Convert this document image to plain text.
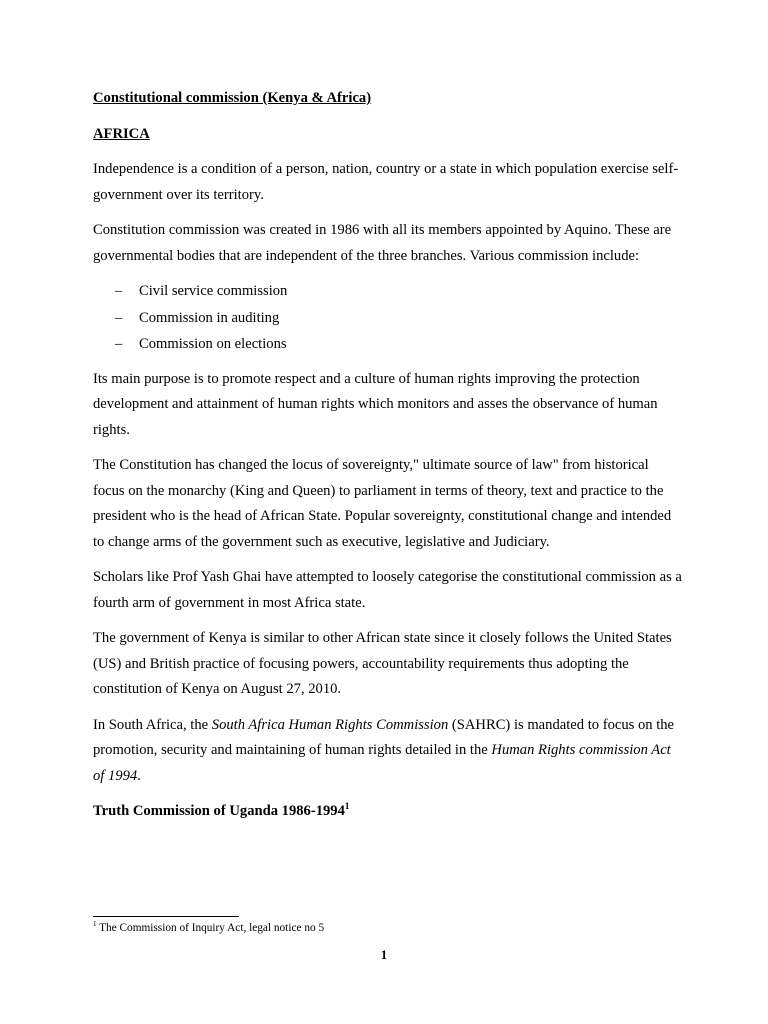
Constitutional commission (Kenya & Africa)

AFRICA

Independence is a condition of a person, nation, country or a state in which population exercise self-government over its territory.

Constitution commission was created in 1986 with all its members appointed by Aquino. These are governmental bodies that are independent of the three branches. Various commission include:

– Civil service commission
– Commission in auditing
– Commission on elections

Its main purpose is to promote respect and a culture of human rights improving the protection development and attainment of human rights which monitors and asses the observance of human rights.

The Constitution has changed the locus of sovereignty," ultimate source of law" from historical focus on the monarchy (King and Queen) to parliament in terms of theory, text and practice to the president who is the head of African State. Popular sovereignty, constitutional change and intended to change arms of the government such as executive, legislative and Judiciary.

Scholars like Prof Yash Ghai have attempted to loosely categorise the constitutional commission as a fourth arm of government in most Africa state.

The government of Kenya is similar to other African state since it closely follows the United States (US) and British practice of focusing powers, accountability requirements thus adopting the constitution of Kenya on August 27, 2010.

In South Africa, the South Africa Human Rights Commission (SAHRC) is mandated to focus on the promotion, security and maintaining of human rights detailed in the Human Rights commission Act of 1994.

Truth Commission of Uganda 1986-1994$^1$

$^1$ The Commission of Inquiry Act, legal notice no 5
1
